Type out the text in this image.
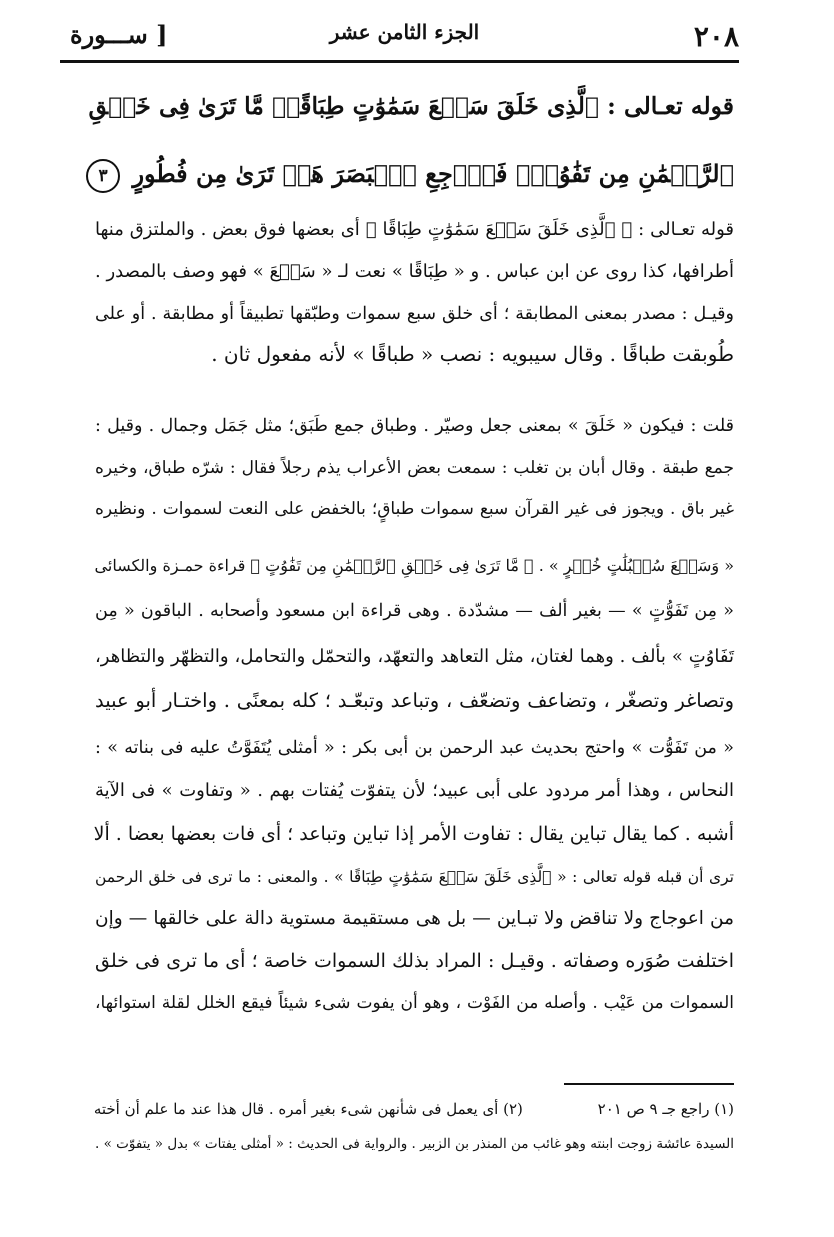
٢٠٨
الجزء الثامن عشر
[ ســـورة
قوله تعـالى : ٱلَّذِى خَلَقَ سَبۡعَ سَمَٰوَٰتٍ طِبَاقًاۖ مَّا تَرَىٰ فِى خَلۡقِ
ٱلرَّحۡمَٰنِ مِن تَفَٰوُتٍۖ فَٱرۡجِعِ ٱلۡبَصَرَ هَلۡ تَرَىٰ مِن فُطُورٍ ٣
قوله تعـالى : ﴿ ٱلَّذِى خَلَقَ سَبۡعَ سَمَٰوَٰتٍ طِبَاقًا ﴾ أى بعضها فوق بعض . والملتزق منها
أطرافها، كذا روى عن ابن عباس . و « طِبَاقًا » نعت لـ « سَبۡعَ » فهو وصف بالمصدر .
وقيـل : مصدر بمعنى المطابقة ؛ أى خلق سبع سموات وطبّقها تطبيقاً أو مطابقة . أو على
طُوبقت طباقًا . وقال سيبويه : نصب « طباقًا » لأنه مفعول ثان .
قلت : فيكون « خَلَقَ » بمعنى جعل وصيّر . وطباق جمع طَبَق؛ مثل جَمَل وجمال . وقيل :
جمع طبقة . وقال أبان بن تغلب : سمعت بعض الأعراب يذم رجلاً فقال : شرّه طباق، وخيره
غير باق . ويجوز فى غير القرآن سبع سموات طباقٍ؛ بالخفض على النعت لسموات . ونظيره
« وَسَبۡعَ سُنۢبُلَٰتٍ خُضۡرٍ » . ﴿ مَّا تَرَىٰ فِى خَلۡقِ ٱلرَّحۡمَٰنِ مِن تَفَٰوُتٍ ﴾ قراءة حمـزة والكسائى
« مِن تَفَوُّتٍ » — بغير ألف — مشدّدة . وهى قراءة ابن مسعود وأصحابه . الباقون « مِن
تَفَاوُتٍ » بألف . وهما لغتان، مثل التعاهد والتعهّد، والتحمّل والتحامل، والتظهّر والتظاهر،
وتصاغر وتصغّر ، وتضاعف وتضعّف ، وتباعد وتبعّـد ؛ كله بمعنًى . واختـار أبو عبيد
« من تَفَوُّت » واحتج بحديث عبد الرحمن بن أبى بكر : « أمثلى يُتَفَوَّتُ عليه فى بناته » :
النحاس ، وهذا أمر مردود على أبى عبيد؛ لأن يتفوّت يُفتات بهم . « وتفاوت » فى الآية
أشبه . كما يقال تباين يقال : تفاوت الأمر إذا تباين وتباعد ؛ أى فات بعضها بعضا . ألا
ترى أن قبله قوله تعالى : « ٱلَّذِى خَلَقَ سَبۡعَ سَمَٰوَٰتٍ طِبَاقًا » . والمعنى : ما ترى فى خلق الرحمن
من اعوجاج ولا تناقض ولا تبـاين — بل هى مستقيمة مستوية دالة على خالقها — وإن
اختلفت صُوَره وصفاته . وقيـل : المراد بذلك السموات خاصة ؛ أى ما ترى فى خلق
السموات من عَيْب . وأصله من الفَوْت ، وهو أن يفوت شىء شيئاً فيقع الخلل لقلة استوائها،
(١) راجع جـ ٩ ص ٢٠١ (٢) أى يعمل فى شأنهن شىء بغير أمره . قال هذا عند ما علم أن أخته
السيدة عائشة زوجت ابنته وهو غائب من المنذر بن الزبير . والرواية فى الحديث : « أمثلى يفتات » بدل « يتفوّت » .
